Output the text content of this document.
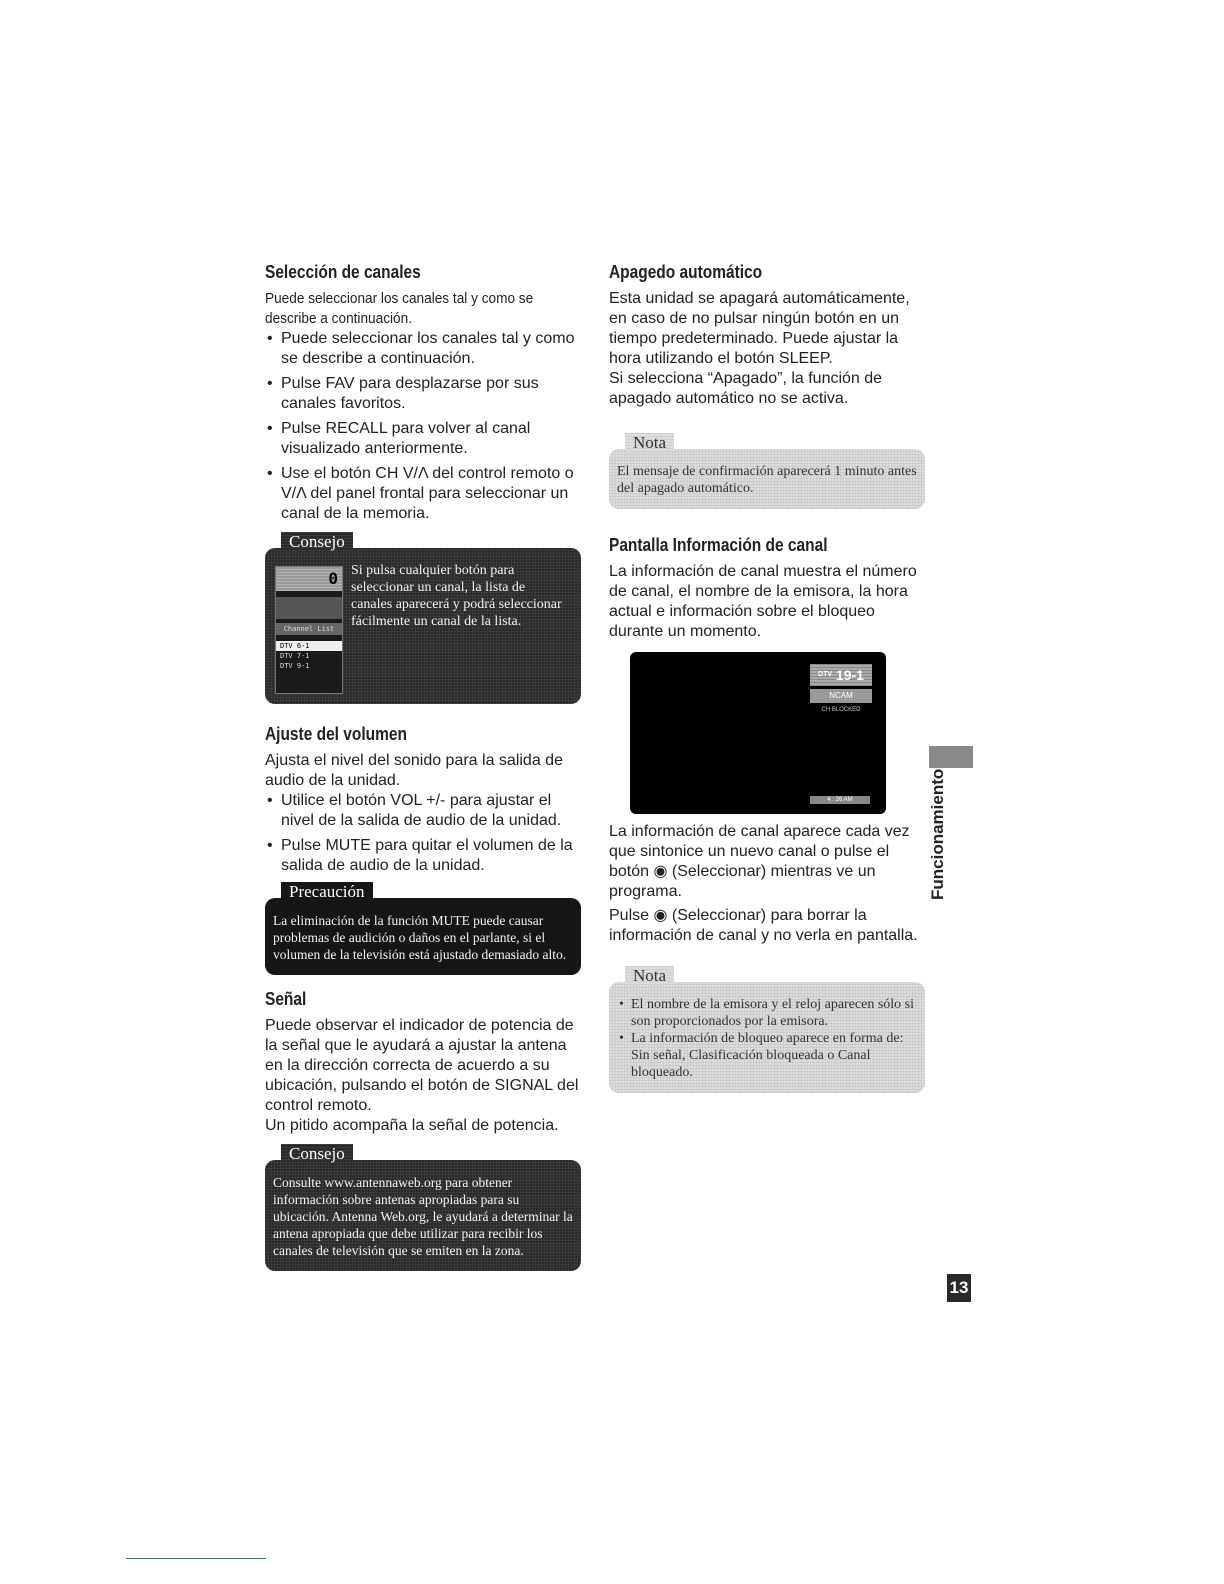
Selección de canales

Puede seleccionar los canales tal y como se describe a continuación.

• Puede seleccionar los canales tal y como se describe a continuación.
• Pulse FAV para desplazarse por sus canales favoritos.
• Pulse RECALL para volver al canal visualizado anteriormente.
• Use el botón CH V/Λ del control remoto o V/Λ del panel frontal para seleccionar un canal de la memoria.
Consejo
0
Channel List
DTV 6-1
DTV 7-1
DTV 9-1
Si pulsa cualquier botón para seleccionar un canal, la lista de canales aparecerá y podrá seleccionar fácilmente un canal de la lista.
Ajuste del volumen

Ajusta el nivel del sonido para la salida de audio de la unidad.

• Utilice el botón VOL +/- para ajustar el nivel de la salida de audio de la unidad.
• Pulse MUTE para quitar el volumen de la salida de audio de la unidad.
Precaución
La eliminación de la función MUTE puede causar problemas de audición o daños en el parlante, si el volumen de la televisión está ajustado demasiado alto.
Señal

Puede observar el indicador de potencia de la señal que le ayudará a ajustar la antena en la dirección correcta de acuerdo a su ubicación, pulsando el botón de SIGNAL del control remoto.

Un pitido acompaña la señal de potencia.

Consejo
Consulte www.antennaweb.org para obtener información sobre antenas apropiadas para su ubicación. Antenna Web.org, le ayudará a determinar la antena apropiada que debe utilizar para recibir los canales de televisión que se emiten en la zona.
Apagedo automático

Esta unidad se apagará automáticamente, en caso de no pulsar ningún botón en un tiempo predeterminado. Puede ajustar la hora utilizando el botón SLEEP.

Si selecciona “Apagado”, la función de apagado automático no se activa.

Nota
El mensaje de confirmación aparecerá 1 minuto antes del apagado automático.
Pantalla Información de canal

La información de canal muestra el número de canal, el nombre de la emisora, la hora actual e información sobre el bloqueo durante un momento.

La información de canal aparece cada vez que sintonice un nuevo canal o pulse el botón ◉ (Seleccionar) mientras ve un programa.

Pulse ◉ (Seleccionar) para borrar la información de canal y no verla en pantalla.

Nota
• El nombre de la emisora y el reloj aparecen sólo si son proporcionados por la emisora.
• La información de bloqueo aparece en forma de: Sin señal, Clasificación bloqueada o Canal bloqueado.
$^{DTV}$ 19-1
NCAM
CH BLOCKED
4 : 26 AM	Funcionamiento
13
